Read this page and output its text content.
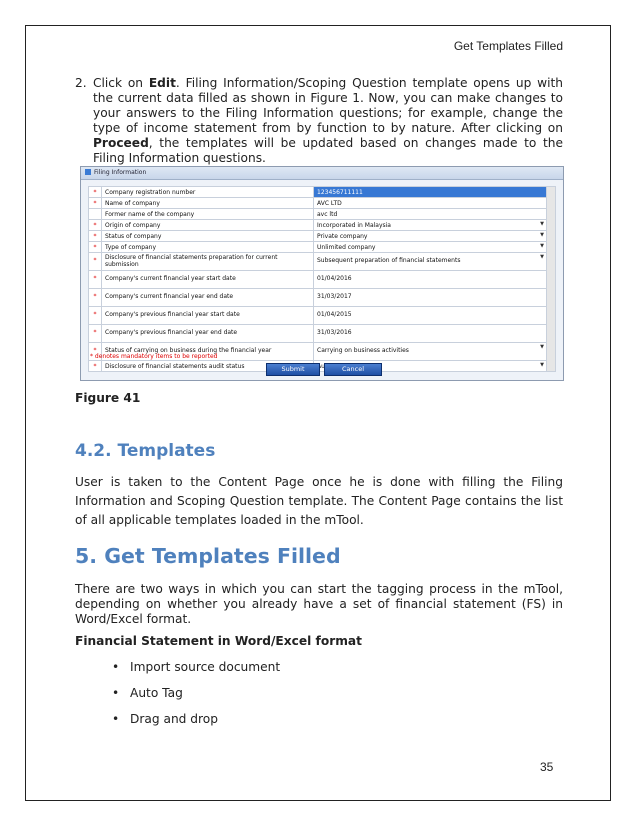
Get Templates Filled
2. Click on Edit. Filing Information/Scoping Question template opens up with the current data filled as shown in Figure 1. Now, you can make changes to your answers to the Filing Information questions; for example, change the type of income statement from by function to by nature. After clicking on Proceed, the templates will be updated based on changes made to the Filing Information questions.
Filing Information
*	Company registration number	123456711111	
*	Name of company	AVC LTD	
	Former name of the company	avc ltd	
*	Origin of company	Incorporated in Malaysia ▼	

*	Status of company	Private company ▼	

*	Type of company	Unlimited company ▼	

*	Disclosure of financial statements preparation for current submission	Subsequent preparation of financial statements
▼	

*	Company's current financial year start date	01/04/2016	
*	Company's current financial year end date	31/03/2017	
*	Company's previous financial year start date	01/04/2015	
*	Company's previous financial year end date	31/03/2016	
*	Status of carrying on business during the financial year	Carrying on business activities
▼	

*	Disclosure of financial statements audit status	▼	
* denotes mandatory items to be reported
Submit	Cancel
Figure 41
4.2. Templates
User is taken to the Content Page once he is done with filling the Filing Information and Scoping Question template. The Content Page contains the list of all applicable templates loaded in the mTool.
5. Get Templates Filled
There are two ways in which you can start the tagging process in the mTool, depending on whether you already have a set of financial statement (FS) in Word/Excel format.
Financial Statement in Word/Excel format
• Import source document
• Auto Tag
• Drag and drop
35
